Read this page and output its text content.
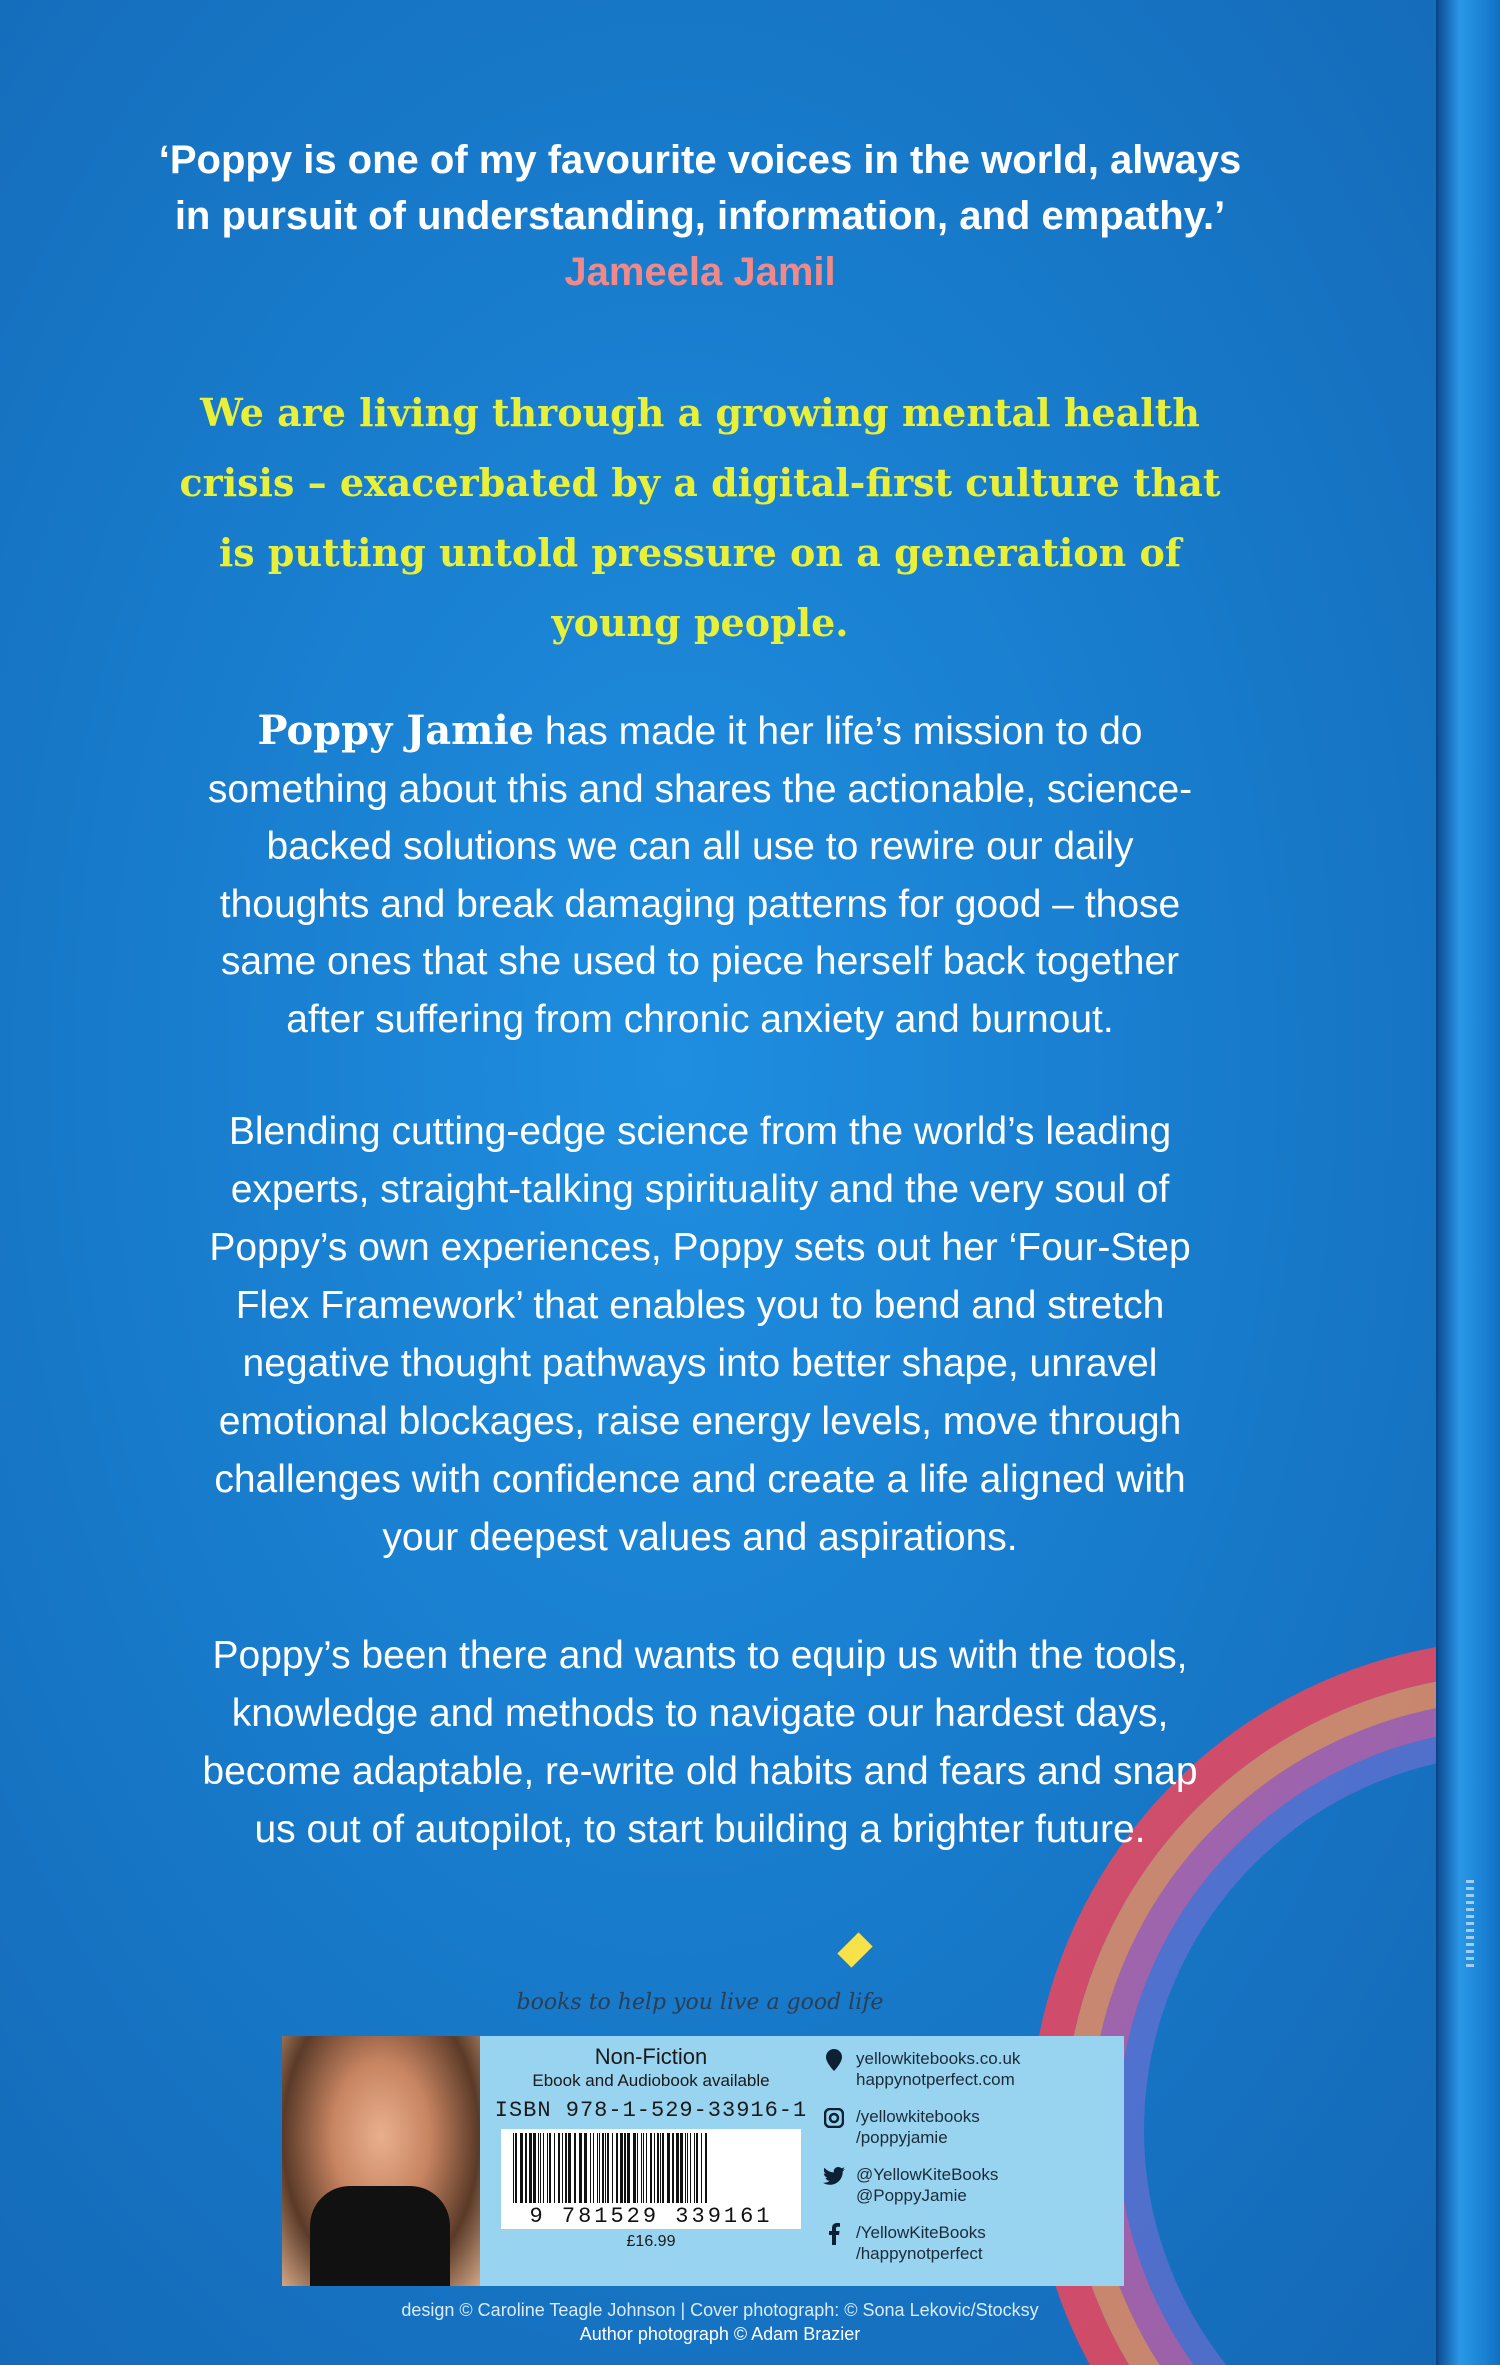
‘Poppy is one of my favourite voices in the world, always
in pursuit of understanding, information, and empathy.’
Jameela Jamil
We are living through a growing mental health
crisis – exacerbated by a digital-first culture that
is putting untold pressure on a generation of
young people.
Poppy Jamie has made it her life’s mission to do
something about this and shares the actionable, science-
backed solutions we can all use to rewire our daily
thoughts and break damaging patterns for good – those
same ones that she used to piece herself back together
after suffering from chronic anxiety and burnout.
Blending cutting-edge science from the world’s leading
experts, straight-talking spirituality and the very soul of
Poppy’s own experiences, Poppy sets out her ‘Four-Step
Flex Framework’ that enables you to bend and stretch
negative thought pathways into better shape, unravel
emotional blockages, raise energy levels, move through
challenges with confidence and create a life aligned with
your deepest values and aspirations.
Poppy’s been there and wants to equip us with the tools,
knowledge and methods to navigate our hardest days,
become adaptable, re-write old habits and fears and snap
us out of autopilot, to start building a brighter future.
books to help you live a good life
Non-Fiction
Ebook and Audiobook available
ISBN 978-1-529-33916-1
9 781529 339161
£16.99
yellowkitebooks.co.uk
happynotperfect.com
/yellowkitebooks
/poppyjamie
@YellowKiteBooks
@PoppyJamie
/YellowKiteBooks
/happynotperfect
design © Caroline Teagle Johnson | Cover photograph: © Sona Lekovic/Stocksy
Author photograph © Adam Brazier
